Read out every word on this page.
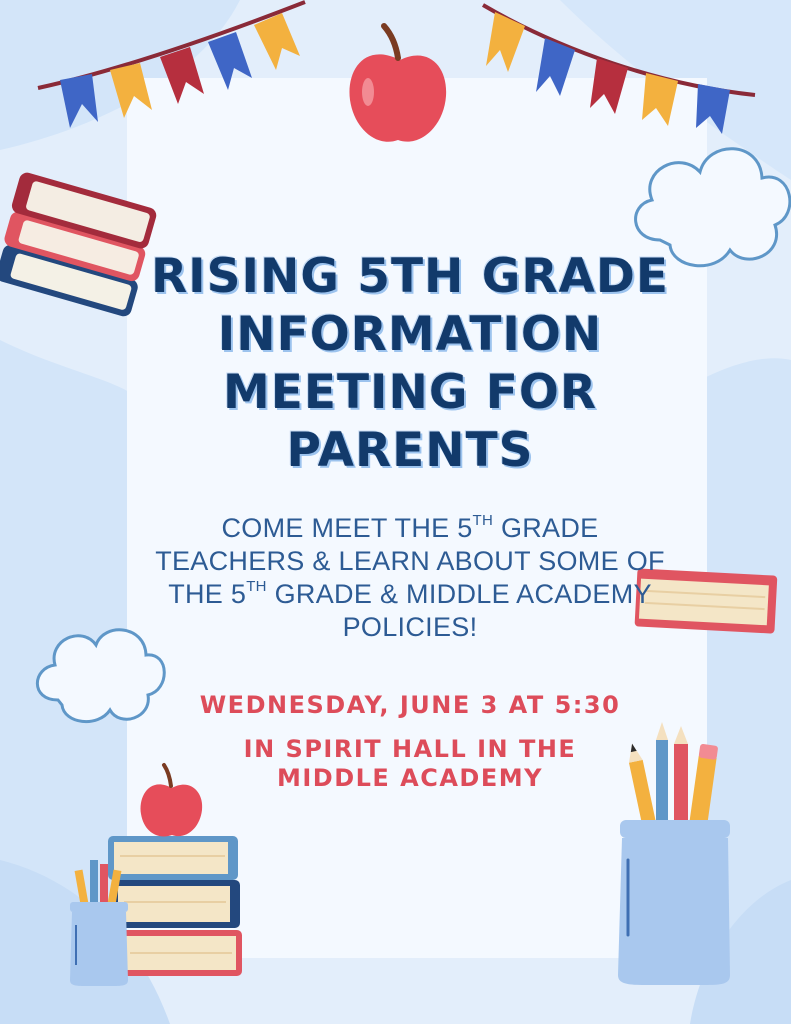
RISING 5TH GRADE
INFORMATION
MEETING FOR
PARENTS

COME MEET THE 5TH GRADE
TEACHERS & LEARN ABOUT SOME OF
THE 5TH GRADE & MIDDLE ACADEMY
POLICIES!

WEDNESDAY, JUNE 3 AT 5:30

IN SPIRIT HALL IN THE
MIDDLE ACADEMY
